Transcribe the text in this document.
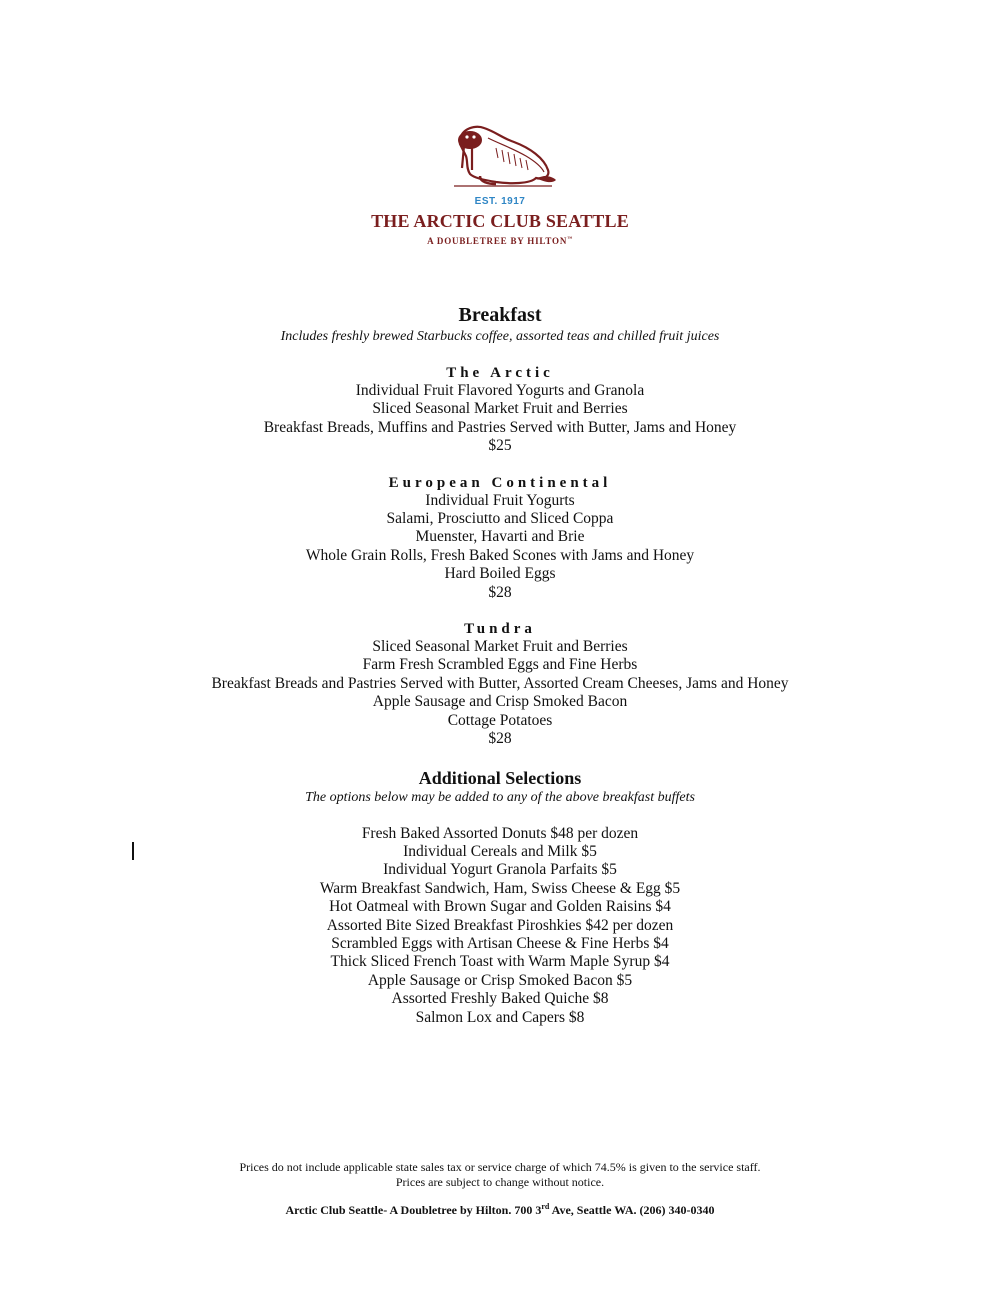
EST. 1917
THE ARCTIC CLUB SEATTLE
A DOUBLETREE BY HILTON™
Breakfast
Includes freshly brewed Starbucks coffee, assorted teas and chilled fruit juices
The Arctic
Individual Fruit Flavored Yogurts and Granola
Sliced Seasonal Market Fruit and Berries
Breakfast Breads, Muffins and Pastries Served with Butter, Jams and Honey
$25
European Continental
Individual Fruit Yogurts
Salami, Prosciutto and Sliced Coppa
Muenster, Havarti and Brie
Whole Grain Rolls, Fresh Baked Scones with Jams and Honey
Hard Boiled Eggs
$28
Tundra
Sliced Seasonal Market Fruit and Berries
Farm Fresh Scrambled Eggs and Fine Herbs
Breakfast Breads and Pastries Served with Butter, Assorted Cream Cheeses, Jams and Honey
Apple Sausage and Crisp Smoked Bacon
Cottage Potatoes
$28
Additional Selections
The options below may be added to any of the above breakfast buffets
Fresh Baked Assorted Donuts $48 per dozen
Individual Cereals and Milk $5
Individual Yogurt Granola Parfaits $5
Warm Breakfast Sandwich, Ham, Swiss Cheese & Egg $5
Hot Oatmeal with Brown Sugar and Golden Raisins $4
Assorted Bite Sized Breakfast Piroshkies $42 per dozen
Scrambled Eggs with Artisan Cheese & Fine Herbs $4
Thick Sliced French Toast with Warm Maple Syrup $4
Apple Sausage or Crisp Smoked Bacon $5
Assorted Freshly Baked Quiche $8
Salmon Lox and Capers $8
Prices do not include applicable state sales tax or service charge of which 74.5% is given to the service staff.
Prices are subject to change without notice.
Arctic Club Seattle- A Doubletree by Hilton. 700 3rd Ave, Seattle WA. (206) 340-0340
